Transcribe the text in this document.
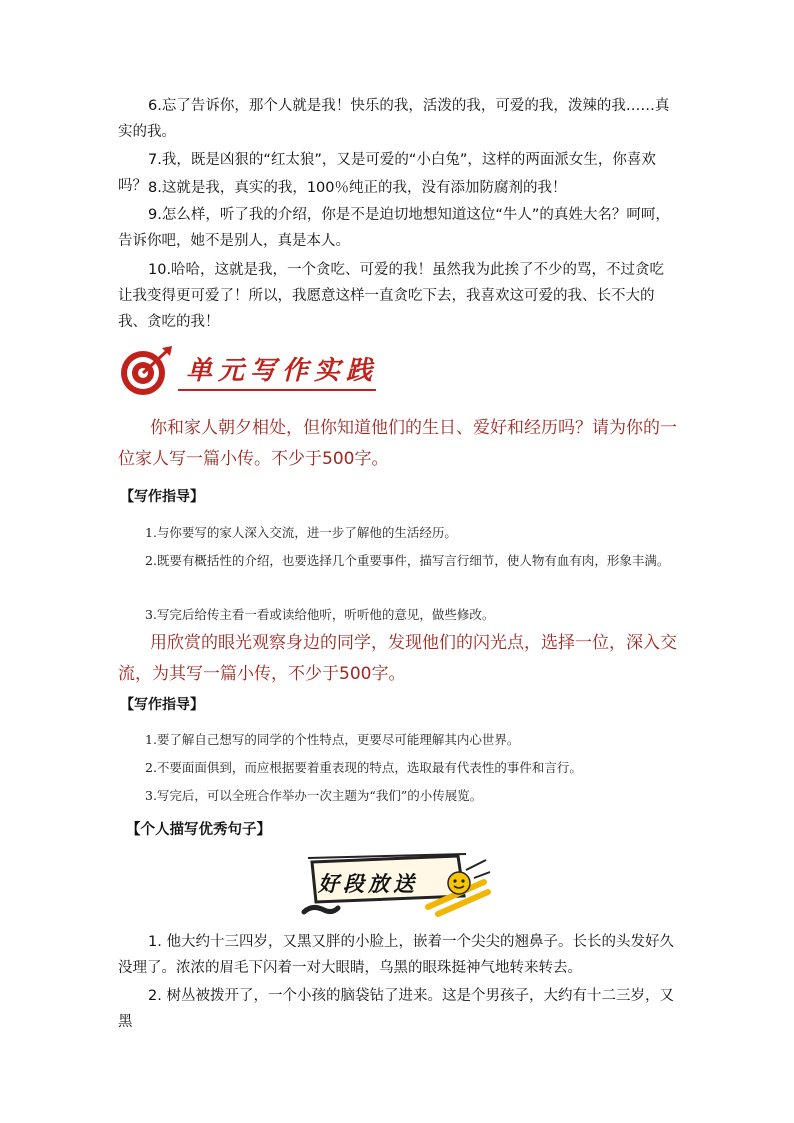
6.忘了告诉你，那个人就是我！快乐的我，活泼的我，可爱的我，泼辣的我……真实的我。

7.我，既是凶狠的“红太狼”，又是可爱的“小白兔”，这样的两面派女生，你喜欢吗？ 8.这就是我，真实的我，100％纯正的我，没有添加防腐剂的我！

9.怎么样，听了我的介绍，你是不是迫切地想知道这位“牛人”的真姓大名？呵呵，告诉你吧，她不是别人，真是本人。

10.哈哈，这就是我，一个贪吃、可爱的我！虽然我为此挨了不少的骂，不过贪吃让我变得更可爱了！所以，我愿意这样一直贪吃下去，我喜欢这可爱的我、长不大的我、贪吃的我！

单元写作实践

你和家人朝夕相处，但你知道他们的生日、爱好和经历吗？请为你的一位家人写一篇小传。不少于500字。

【写作指导】

1.与你要写的家人深入交流，进一步了解他的生活经历。

2.既要有概括性的介绍，也要选择几个重要事件，描写言行细节，使人物有血有肉，形象丰满。

3.写完后给传主看一看或读给他听，听听他的意见，做些修改。

用欣赏的眼光观察身边的同学，发现他们的闪光点，选择一位，深入交流，为其写一篇小传，不少于500字。

【写作指导】

1.要了解自己想写的同学的个性特点，更要尽可能理解其内心世界。

2.不要面面俱到，而应根据要着重表现的特点，选取最有代表性的事件和言行。

3.写完后，可以全班合作举办一次主题为“我们”的小传展览。

【个人描写优秀句子】

好段放送

1. 他大约十三四岁，又黑又胖的小脸上，嵌着一个尖尖的翘鼻子。长长的头发好久没理了。浓浓的眉毛下闪着一对大眼睛，乌黑的眼珠挺神气地转来转去。

2. 树丛被拨开了，一个小孩的脑袋钻了进来。这是个男孩子，大约有十二三岁，又黑
